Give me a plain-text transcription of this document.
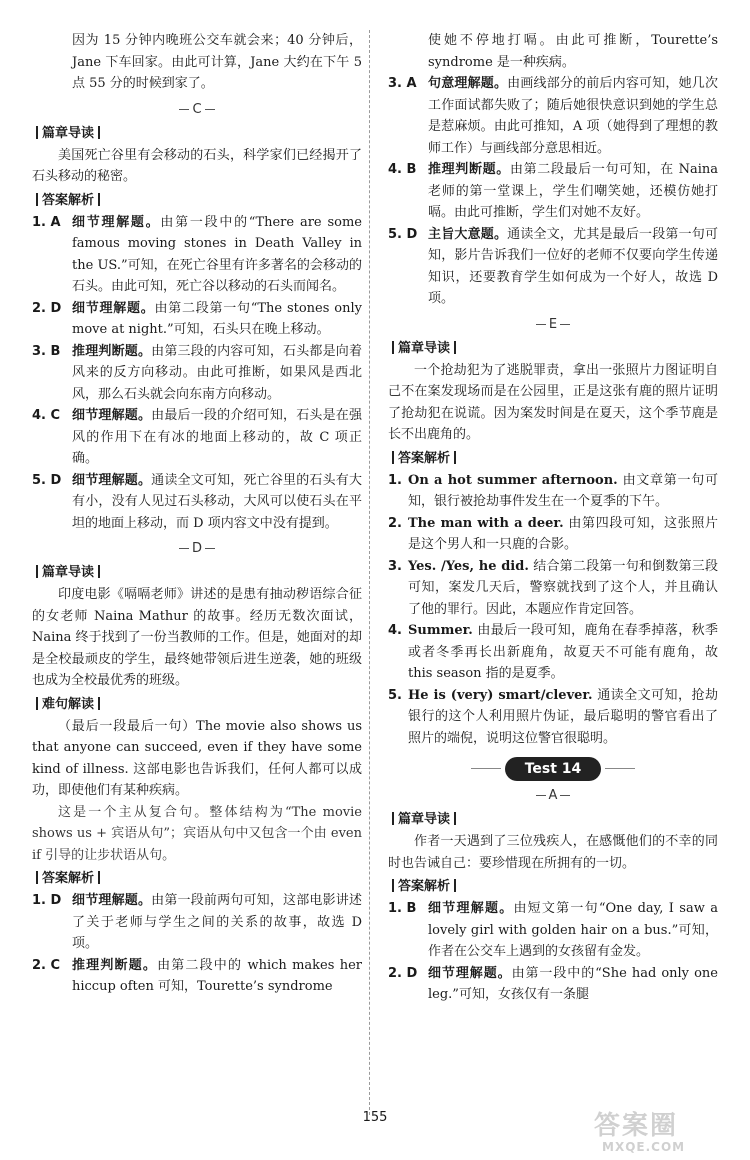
因为 15 分钟内晚班公交车就会来；40 分钟后，Jane 下车回家。由此可计算，Jane 大约在下午 5 点 55 分的时候到家了。

C
篇章导读

美国死亡谷里有会移动的石头，科学家们已经揭开了石头移动的秘密。

答案解析
1. A 细节理解题。由第一段中的“There are some famous moving stones in Death Valley in the US.”可知，在死亡谷里有许多著名的会移动的石头。由此可知，死亡谷以移动的石头而闻名。
2. D 细节理解题。由第二段第一句“The stones only move at night.”可知，石头只在晚上移动。
3. B 推理判断题。由第三段的内容可知，石头都是向着风来的反方向移动。由此可推断，如果风是西北风，那么石头就会向东南方向移动。
4. C 细节理解题。由最后一段的介绍可知，石头是在强风的作用下在有冰的地面上移动的，故 C 项正确。
5. D 细节理解题。通读全文可知，死亡谷里的石头有大有小，没有人见过石头移动，大风可以使石头在平坦的地面上移动，而 D 项内容文中没有提到。
D
篇章导读

印度电影《嗝嗝老师》讲述的是患有抽动秽语综合征的女老师 Naina Mathur 的故事。经历无数次面试，Naina 终于找到了一份当教师的工作。但是，她面对的却是全校最顽皮的学生，最终她带领后进生逆袭，她的班级也成为全校最优秀的班级。

难句解读

（最后一段最后一句）The movie also shows us that anyone can succeed, even if they have some kind of illness. 这部电影也告诉我们，任何人都可以成功，即使他们有某种疾病。

这是一个主从复合句。整体结构为“The movie shows us + 宾语从句”；宾语从句中又包含一个由 even if 引导的让步状语从句。

答案解析
1. D 细节理解题。由第一段前两句可知，这部电影讲述了关于老师与学生之间的关系的故事，故选 D 项。
2. C 推理判断题。由第二段中的 which makes her hiccup often 可知，Tourette’s syndrome

使她不停地打嗝。由此可推断，Tourette’s syndrome 是一种疾病。

3. A 句意理解题。由画线部分的前后内容可知，她几次工作面试都失败了；随后她很快意识到她的学生总是惹麻烦。由此可推知，A 项（她得到了理想的教师工作）与画线部分意思相近。
4. B 推理判断题。由第二段最后一句可知，在 Naina 老师的第一堂课上，学生们嘲笑她，还模仿她打嗝。由此可推断，学生们对她不友好。
5. D 主旨大意题。通读全文，尤其是最后一段第一句可知，影片告诉我们一位好的老师不仅要向学生传递知识，还要教育学生如何成为一个好人，故选 D 项。
E
篇章导读

一个抢劫犯为了逃脱罪责，拿出一张照片力图证明自己不在案发现场而是在公园里，正是这张有鹿的照片证明了抢劫犯在说谎。因为案发时间是在夏天，这个季节鹿是长不出鹿角的。

答案解析
1. On a hot summer afternoon. 由文章第一句可知，银行被抢劫事件发生在一个夏季的下午。
2. The man with a deer. 由第四段可知，这张照片是这个男人和一只鹿的合影。
3. Yes. /Yes, he did. 结合第二段第一句和倒数第三段可知，案发几天后，警察就找到了这个人，并且确认了他的罪行。因此，本题应作肯定回答。
4. Summer. 由最后一段可知，鹿角在春季掉落，秋季或者冬季再长出新鹿角，故夏天不可能有鹿角，故 this season 指的是夏季。
5. He is (very) smart/clever. 通读全文可知，抢劫银行的这个人利用照片伪证，最后聪明的警官看出了照片的端倪，说明这位警官很聪明。
Test 14
A
篇章导读

作者一天遇到了三位残疾人，在感慨他们的不幸的同时也告诫自己：要珍惜现在所拥有的一切。

答案解析
1. B 细节理解题。由短文第一句“One day, I saw a lovely girl with golden hair on a bus.”可知，作者在公交车上遇到的女孩留有金发。
2. D 细节理解题。由第一段中的“She had only one leg.”可知，女孩仅有一条腿
155	答案圈
MXQE.COM
